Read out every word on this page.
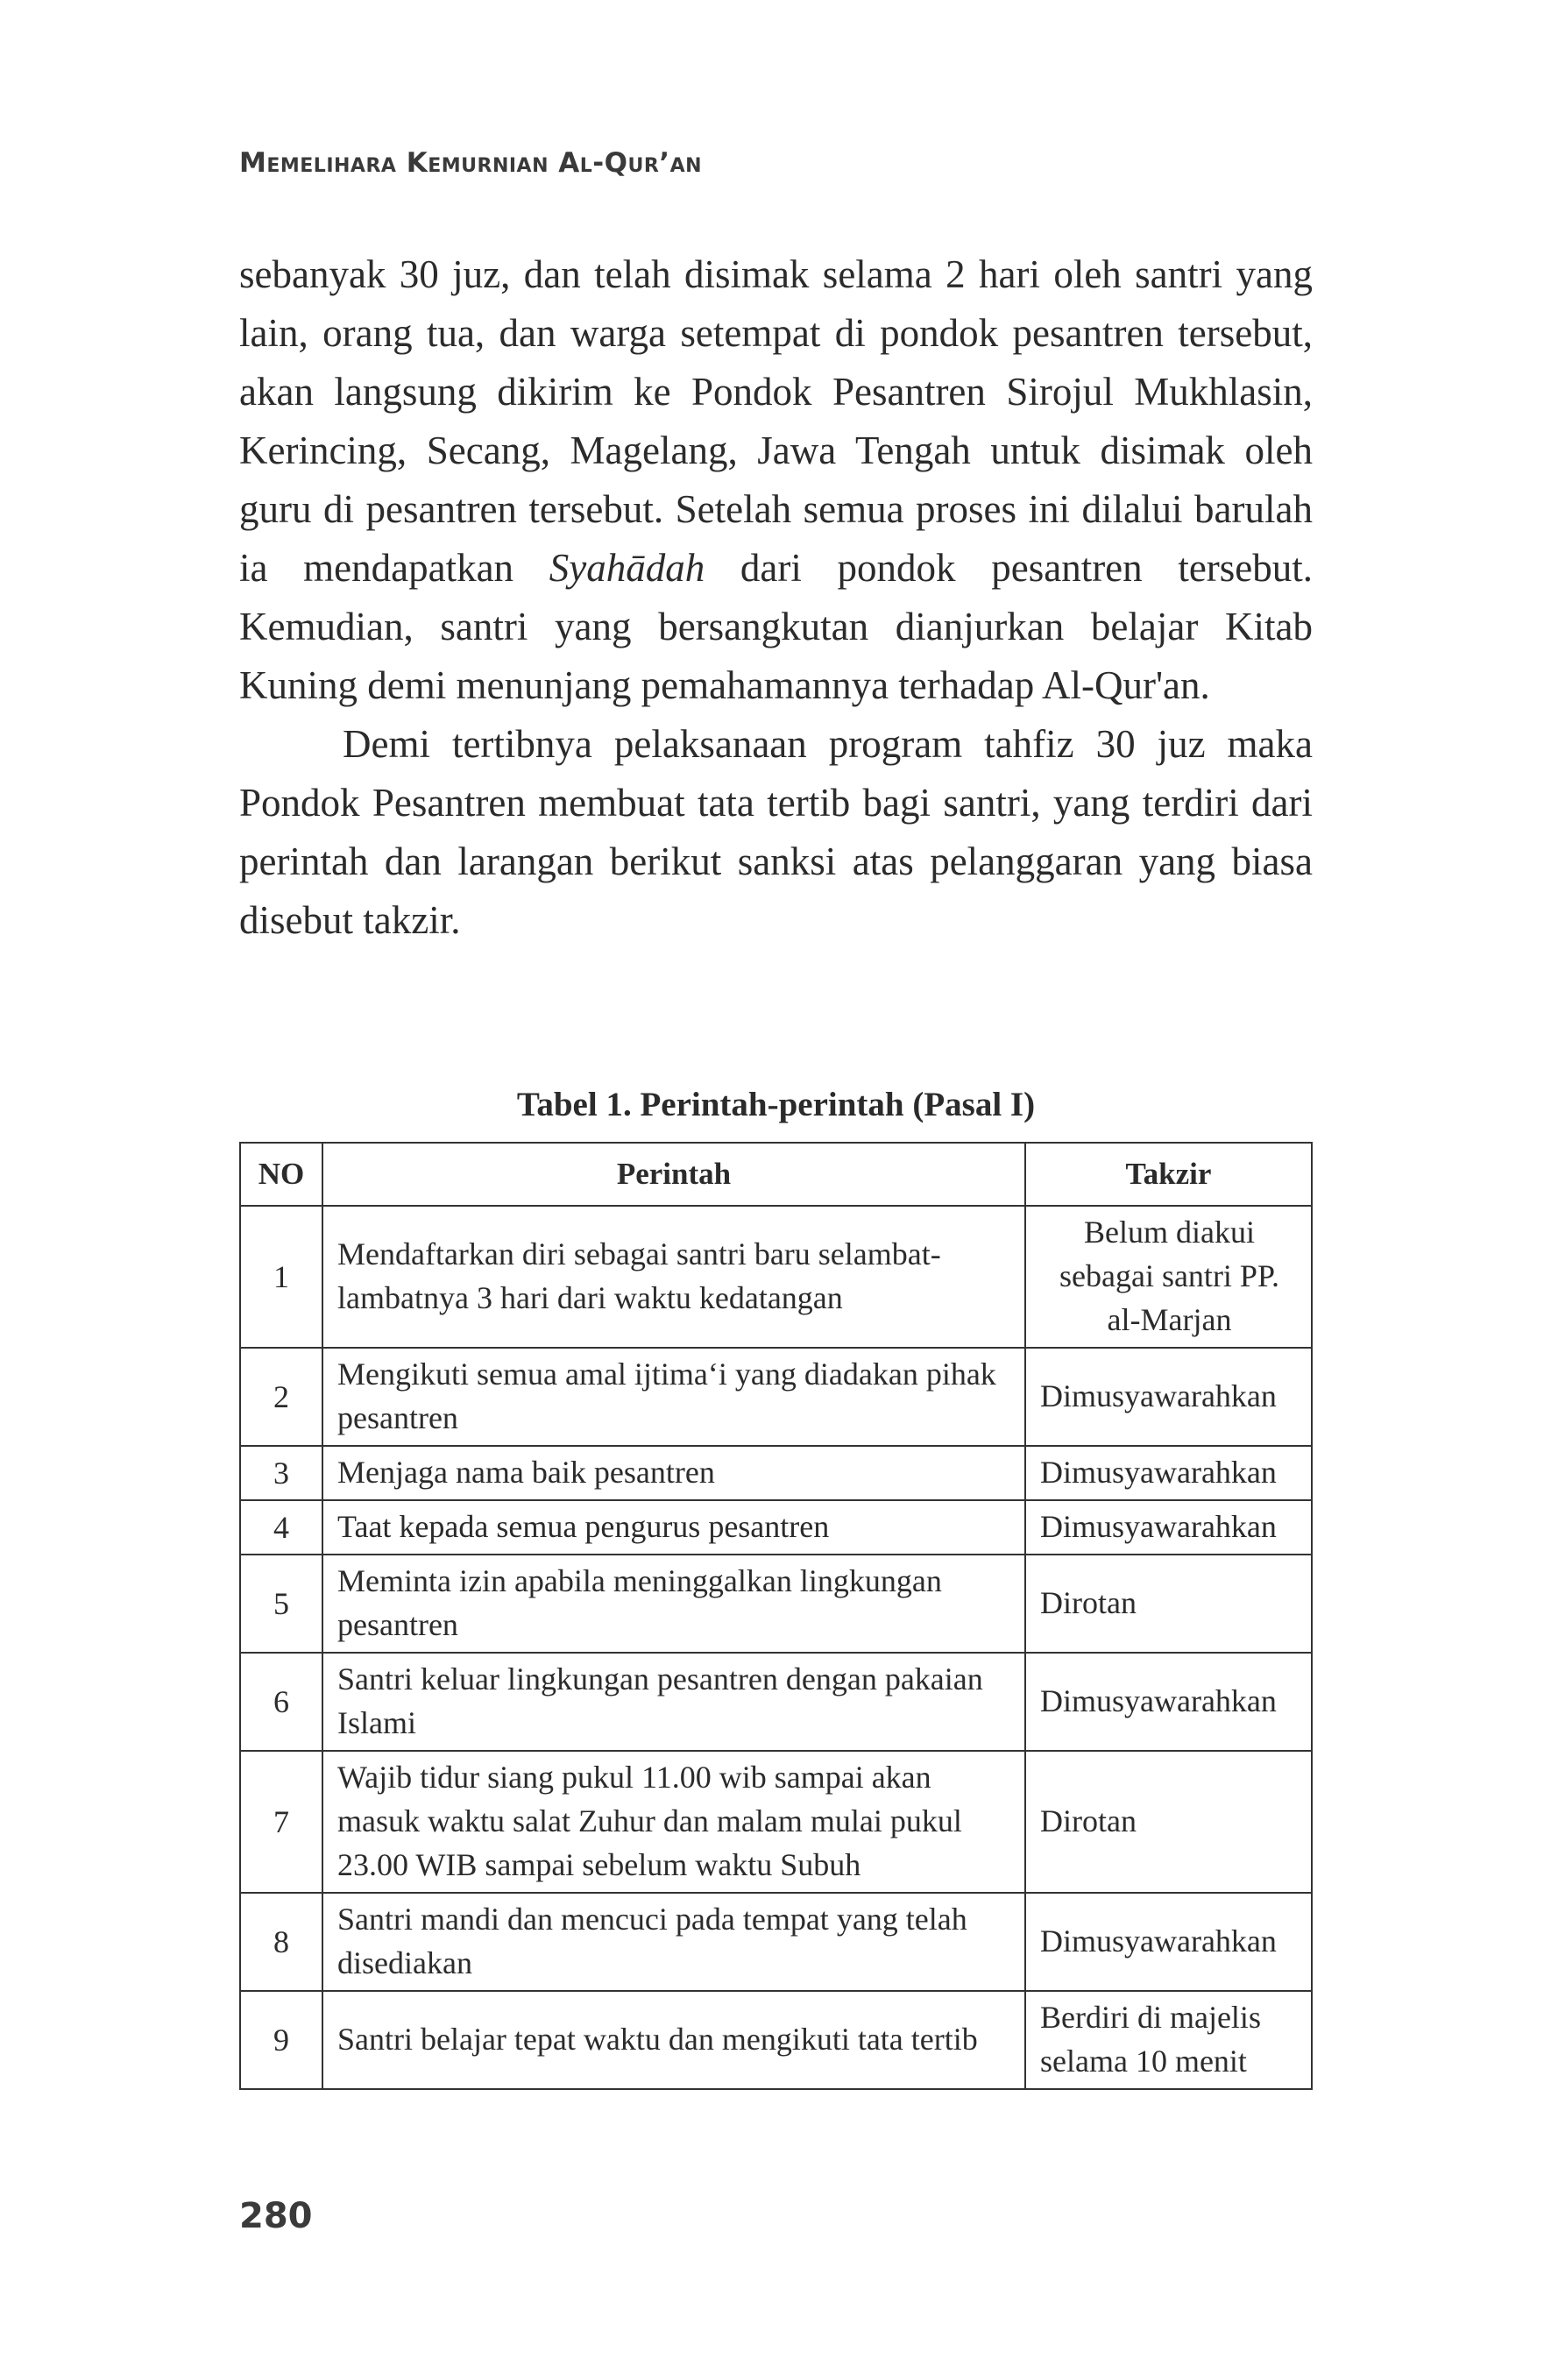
Memelihara Kemurnian Al-Qur’an

sebanyak 30 juz, dan telah disimak selama 2 hari oleh santri yang lain, orang tua, dan warga setempat di pondok pesantren tersebut, akan langsung dikirim ke Pondok Pesantren Sirojul Mukhlasin, Kerincing, Secang, Magelang, Jawa Tengah untuk disimak oleh guru di pesantren tersebut. Setelah semua proses ini dilalui barulah ia mendapatkan Syahādah dari pondok pesantren tersebut. Kemudian, santri yang bersangkutan dianjurkan belajar Kitab Kuning demi menunjang pemahamannya terhadap Al-Qur'an.

Demi tertibnya pelaksanaan program tahfiz 30 juz maka Pondok Pesantren membuat tata tertib bagi santri, yang terdiri dari perintah dan larangan berikut sanksi atas pelanggaran yang biasa disebut takzir.

Tabel 1. Perintah-perintah (Pasal I)
NO	Perintah	Takzir
1	Mendaftarkan diri sebagai santri baru selambat-lambatnya 3 hari dari waktu kedatangan	Belum diakui sebagai santri PP. al-Marjan
2	Mengikuti semua amal ijtima‘i yang diadakan pihak pesantren	Dimusyawarahkan
3	Menjaga nama baik pesantren	Dimusyawarahkan
4	Taat kepada semua pengurus pesantren	Dimusyawarahkan
5	Meminta izin apabila meninggalkan lingkungan pesantren	Dirotan
6	Santri keluar lingkungan pesantren dengan pakaian Islami	Dimusyawarahkan
7	Wajib tidur siang pukul 11.00 wib sampai akan masuk waktu salat Zuhur dan malam mulai pukul 23.00 WIB sampai sebelum waktu Subuh	Dirotan
8	Santri mandi dan mencuci pada tempat yang telah disediakan	Dimusyawarahkan
9	Santri belajar tepat waktu dan mengikuti tata tertib	Berdiri di majelis selama 10 menit
280
